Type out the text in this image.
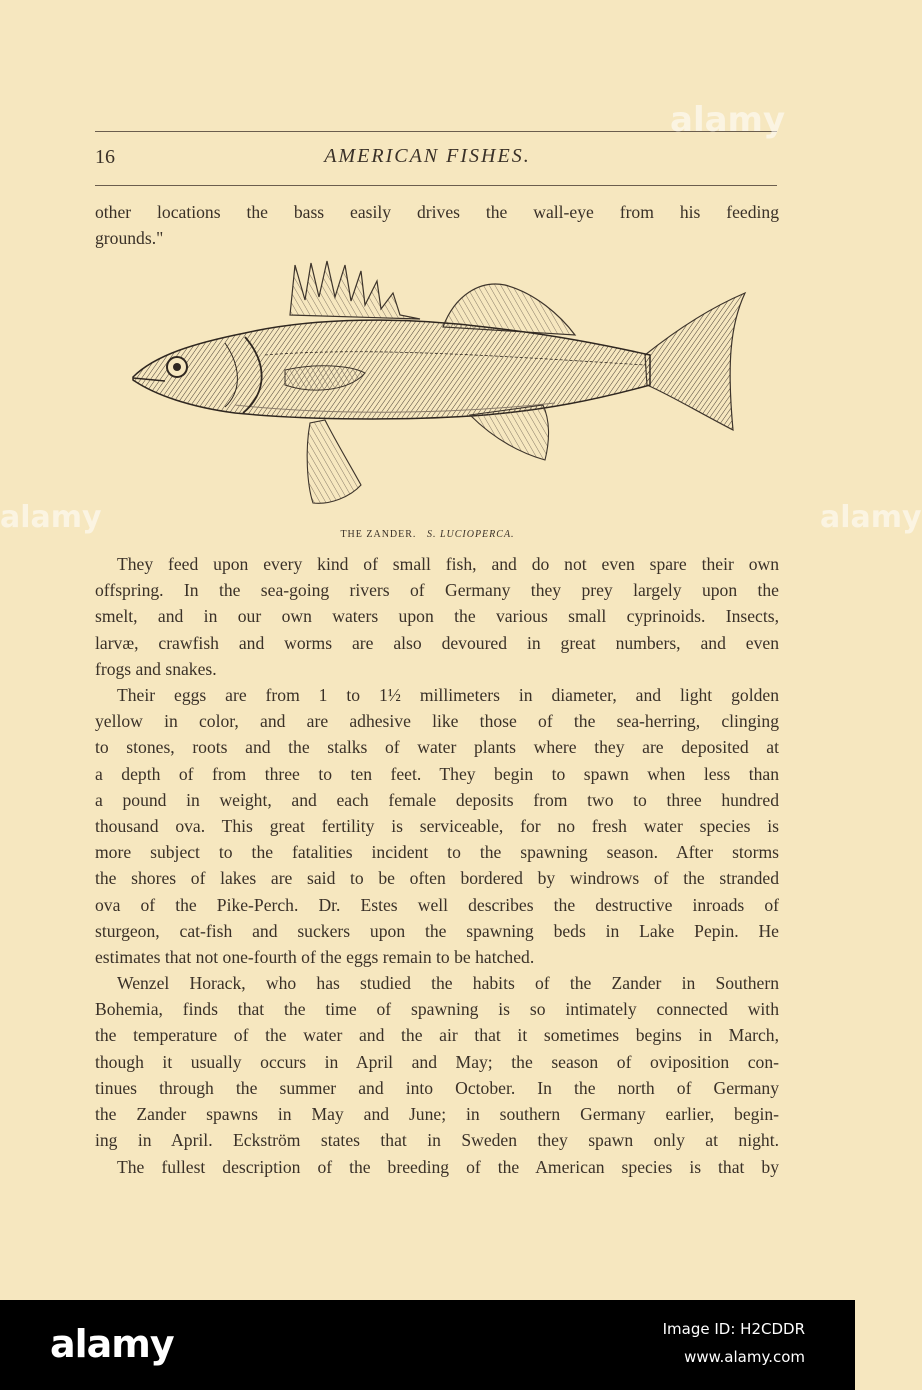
16	AMERICAN FISHES.
other locations the bass easily drives the wall-eye from his feeding
grounds."
THE ZANDER. S. LUCIOPERCA.
They feed upon every kind of small fish, and do not even spare their own
offspring. In the sea-going rivers of Germany they prey largely upon the
smelt, and in our own waters upon the various small cyprinoids. Insects,
larvæ, crawfish and worms are also devoured in great numbers, and even
frogs and snakes.
Their eggs are from 1 to 1½ millimeters in diameter, and light golden
yellow in color, and are adhesive like those of the sea-herring, clinging
to stones, roots and the stalks of water plants where they are deposited at
a depth of from three to ten feet. They begin to spawn when less than
a pound in weight, and each female deposits from two to three hundred
thousand ova. This great fertility is serviceable, for no fresh water species is
more subject to the fatalities incident to the spawning season. After storms
the shores of lakes are said to be often bordered by windrows of the stranded
ova of the Pike-Perch. Dr. Estes well describes the destructive inroads of
sturgeon, cat-fish and suckers upon the spawning beds in Lake Pepin. He
estimates that not one-fourth of the eggs remain to be hatched.
Wenzel Horack, who has studied the habits of the Zander in Southern
Bohemia, finds that the time of spawning is so intimately connected with
the temperature of the water and the air that it sometimes begins in March,
though it usually occurs in April and May; the season of oviposition con-
tinues through the summer and into October. In the north of Germany
the Zander spawns in May and June; in southern Germany earlier, begin-
ing in April. Eckström states that in Sweden they spawn only at night.
The fullest description of the breeding of the American species is that by
alamy
alamy	alamy
alamy	Image ID: H2CDDR
www.alamy.com
